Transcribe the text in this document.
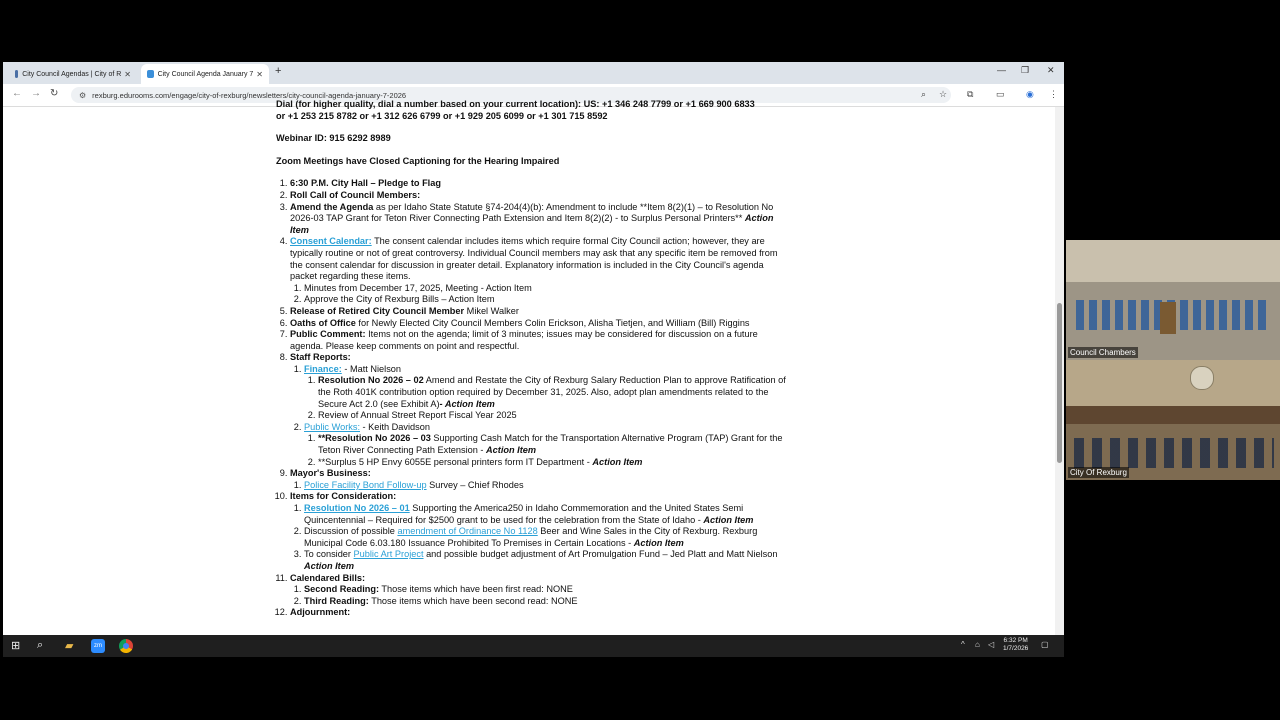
City Council Agendas | City of R ✕	City Council Agenda January 7 ✕ +	— ❐ ✕
← → ↻	⚙ rexburg.edurooms.com/engage/city-of-rexburg/newsletters/city-council-agenda-january-7-2026	⌕ ☆ ⧉	▭ ◉ ⋮

Dial (for higher quality, dial a number based on your current location): US: +1 346 248 7799 or +1 669 900 6833

or +1 253 215 8782 or +1 312 626 6799 or +1 929 205 6099 or +1 301 715 8592

Webinar ID: 915 6292 8989

Zoom Meetings have Closed Captioning for the Hearing Impaired

1. 6:30 P.M. City Hall – Pledge to Flag
2. Roll Call of Council Members:
3. Amend the Agenda as per Idaho State Statute §74-204(4)(b): Amendment to include **Item 8(2)(1) – to Resolution No 2026-03 TAP Grant for Teton River Connecting Path Extension and Item 8(2)(2) - to Surplus Personal Printers** Action Item
4. Consent Calendar: The consent calendar includes items which require formal City Council action; however, they are typically routine or not of great controversy. Individual Council members may ask that any specific item be removed from the consent calendar for discussion in greater detail. Explanatory information is included in the City Council's agenda packet regarding these items.
1. Minutes from December 17, 2025, Meeting - Action Item
2. Approve the City of Rexburg Bills – Action Item
5. Release of Retired City Council Member Mikel Walker
6. Oaths of Office for Newly Elected City Council Members Colin Erickson, Alisha Tietjen, and William (Bill) Riggins
7. Public Comment: Items not on the agenda; limit of 3 minutes; issues may be considered for discussion on a future agenda. Please keep comments on point and respectful.
8. Staff Reports:
1. Finance: - Matt Nielson
1. Resolution No 2026 – 02 Amend and Restate the City of Rexburg Salary Reduction Plan to approve Ratification of the Roth 401K contribution option required by December 31, 2025. Also, adopt plan amendments related to the Secure Act 2.0 (see Exhibit A)- Action Item
2. Review of Annual Street Report Fiscal Year 2025
2. Public Works: - Keith Davidson
1. **Resolution No 2026 – 03 Supporting Cash Match for the Transportation Alternative Program (TAP) Grant for the Teton River Connecting Path Extension - Action Item
2. **Surplus 5 HP Envy 6055E personal printers form IT Department - Action Item
9. Mayor's Business:
1. Police Facility Bond Follow-up Survey – Chief Rhodes
10. Items for Consideration:
1. Resolution No 2026 – 01 Supporting the America250 in Idaho Commemoration and the United States Semi Quincentennial – Required for $2500 grant to be used for the celebration from the State of Idaho - Action Item
2. Discussion of possible amendment of Ordinance No 1128 Beer and Wine Sales in the City of Rexburg. Rexburg Municipal Code 6.03.180 Issuance Prohibited To Premises in Certain Locations - Action Item
3. To consider Public Art Project and possible budget adjustment of Art Promulgation Fund – Jed Platt and Matt Nielson Action Item
11. Calendared Bills:
1. Second Reading: Those items which have been first read: NONE
2. Third Reading: Those items which have been second read: NONE
12. Adjournment:
⊞ ⌕ ▰	zm	^ ⌂ ◁ 6:32 PM
1/7/2026 ▢
Council Chambers
City Of Rexburg
